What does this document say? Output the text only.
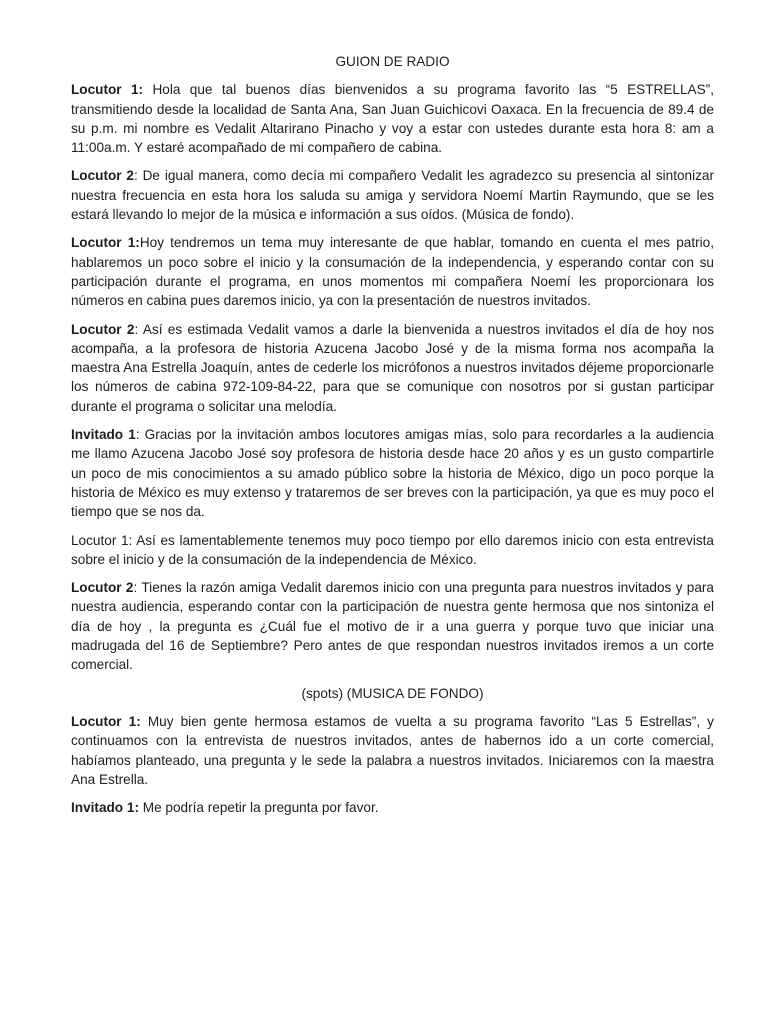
GUION DE RADIO

Locutor 1: Hola que tal buenos días bienvenidos a su programa favorito las “5 ESTRELLAS”, transmitiendo desde la localidad de Santa Ana, San Juan Guichicovi Oaxaca. En la frecuencia de 89.4 de su p.m. mi nombre es Vedalit Altarirano Pinacho y voy a estar con ustedes durante esta hora 8: am a 11:00a.m. Y estaré acompañado de mi compañero de cabina.

Locutor 2: De igual manera, como decía mi compañero Vedalit les agradezco su presencia al sintonizar nuestra frecuencia en esta hora los saluda su amiga y servidora Noemí Martin Raymundo, que se les estará llevando lo mejor de la música e información a sus oídos. (Música de fondo).

Locutor 1:Hoy tendremos un tema muy interesante de que hablar, tomando en cuenta el mes patrio, hablaremos un poco sobre el inicio y la consumación de la independencia, y esperando contar con su participación durante el programa, en unos momentos mi compañera Noemí les proporcionara los números en cabina pues daremos inicio, ya con la presentación de nuestros invitados.

Locutor 2: Así es estimada Vedalit vamos a darle la bienvenida a nuestros invitados el día de hoy nos acompaña, a la profesora de historia Azucena Jacobo José y de la misma forma nos acompaña la maestra Ana Estrella Joaquín, antes de cederle los micrófonos a nuestros invitados déjeme proporcionarle los números de cabina 972-109-84-22, para que se comunique con nosotros por si gustan participar durante el programa o solicitar una melodía.

Invitado 1: Gracias por la invitación ambos locutores amigas mías, solo para recordarles a la audiencia me llamo Azucena Jacobo José soy profesora de historia desde hace 20 años y es un gusto compartirle un poco de mis conocimientos a su amado público sobre la historia de México, digo un poco porque la historia de México es muy extenso y trataremos de ser breves con la participación, ya que es muy poco el tiempo que se nos da.

Locutor 1: Así es lamentablemente tenemos muy poco tiempo por ello daremos inicio con esta entrevista sobre el inicio y de la consumación de la independencia de México.

Locutor 2: Tienes la razón amiga Vedalit daremos inicio con una pregunta para nuestros invitados y para nuestra audiencia, esperando contar con la participación de nuestra gente hermosa que nos sintoniza el día de hoy , la pregunta es ¿Cuál fue el motivo de ir a una guerra y porque tuvo que iniciar una madrugada del 16 de Septiembre? Pero antes de que respondan nuestros invitados iremos a un corte comercial.

(spots) (MUSICA DE FONDO)

Locutor 1: Muy bien gente hermosa estamos de vuelta a su programa favorito “Las 5 Estrellas”, y continuamos con la entrevista de nuestros invitados, antes de habernos ido a un corte comercial, habíamos planteado, una pregunta y le sede la palabra a nuestros invitados. Iniciaremos con la maestra Ana Estrella.

Invitado 1: Me podría repetir la pregunta por favor.
